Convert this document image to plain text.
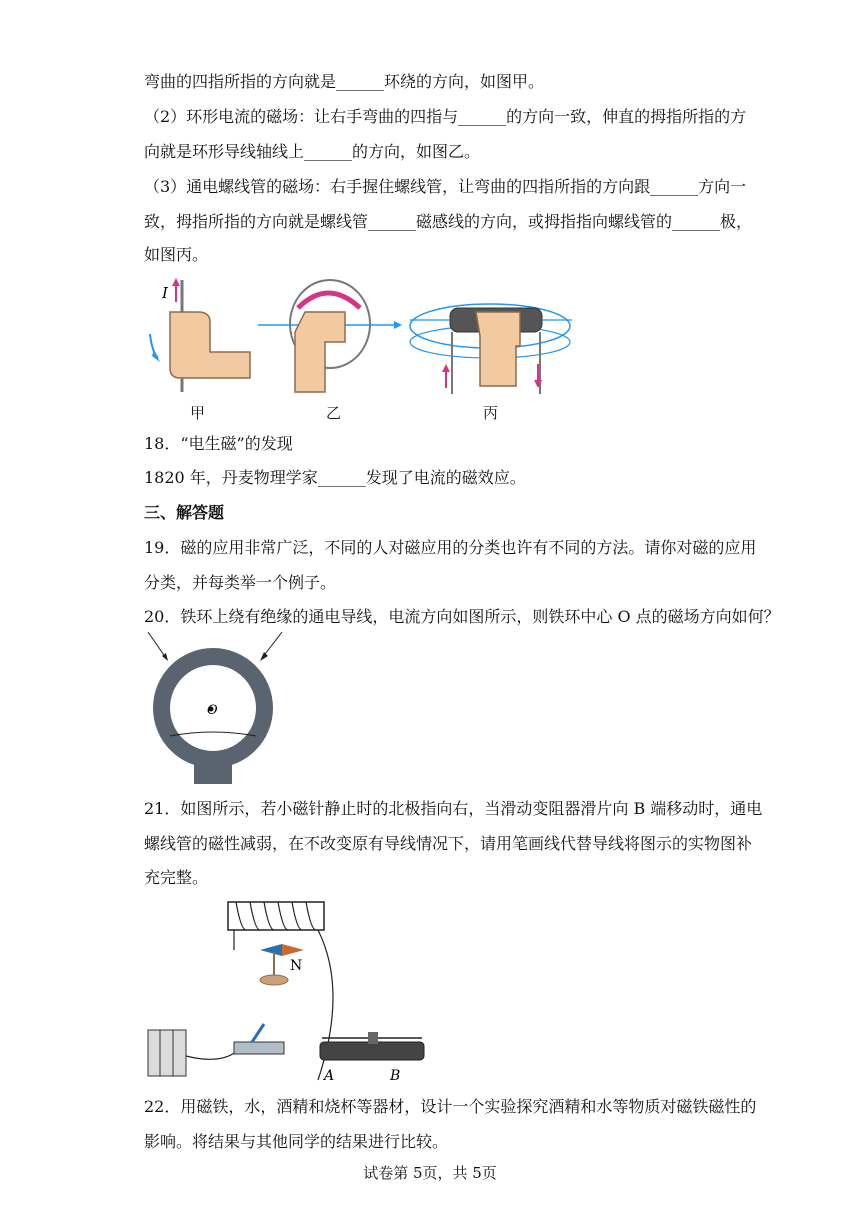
弯曲的四指所指的方向就是______环绕的方向，如图甲。
（2）环形电流的磁场：让右手弯曲的四指与______的方向一致，伸直的拇指所指的方
向就是环形导线轴线上______的方向，如图乙。
（3）通电螺线管的磁场：右手握住螺线管，让弯曲的四指所指的方向跟______方向一
致，拇指所指的方向就是螺线管______磁感线的方向，或拇指指向螺线管的______极，
如图丙。
I
甲	乙	丙
18．“电生磁”的发现
1820 年，丹麦物理学家______发现了电流的磁效应。
三、解答题
19．磁的应用非常广泛，不同的人对磁应用的分类也许有不同的方法。请你对磁的应用
分类，并每类举一个例子。
20．铁环上绕有绝缘的通电导线，电流方向如图所示，则铁环中心 O 点的磁场方向如何？
O
21．如图所示，若小磁针静止时的北极指向右，当滑动变阻器滑片向 B 端移动时，通电
螺线管的磁性减弱，在不改变原有导线情况下，请用笔画线代替导线将图示的实物图补
充完整。
N
A	B
22．用磁铁，水，酒精和烧杯等器材，设计一个实验探究酒精和水等物质对磁铁磁性的
影响。将结果与其他同学的结果进行比较。
试卷第 5页，共 5页
